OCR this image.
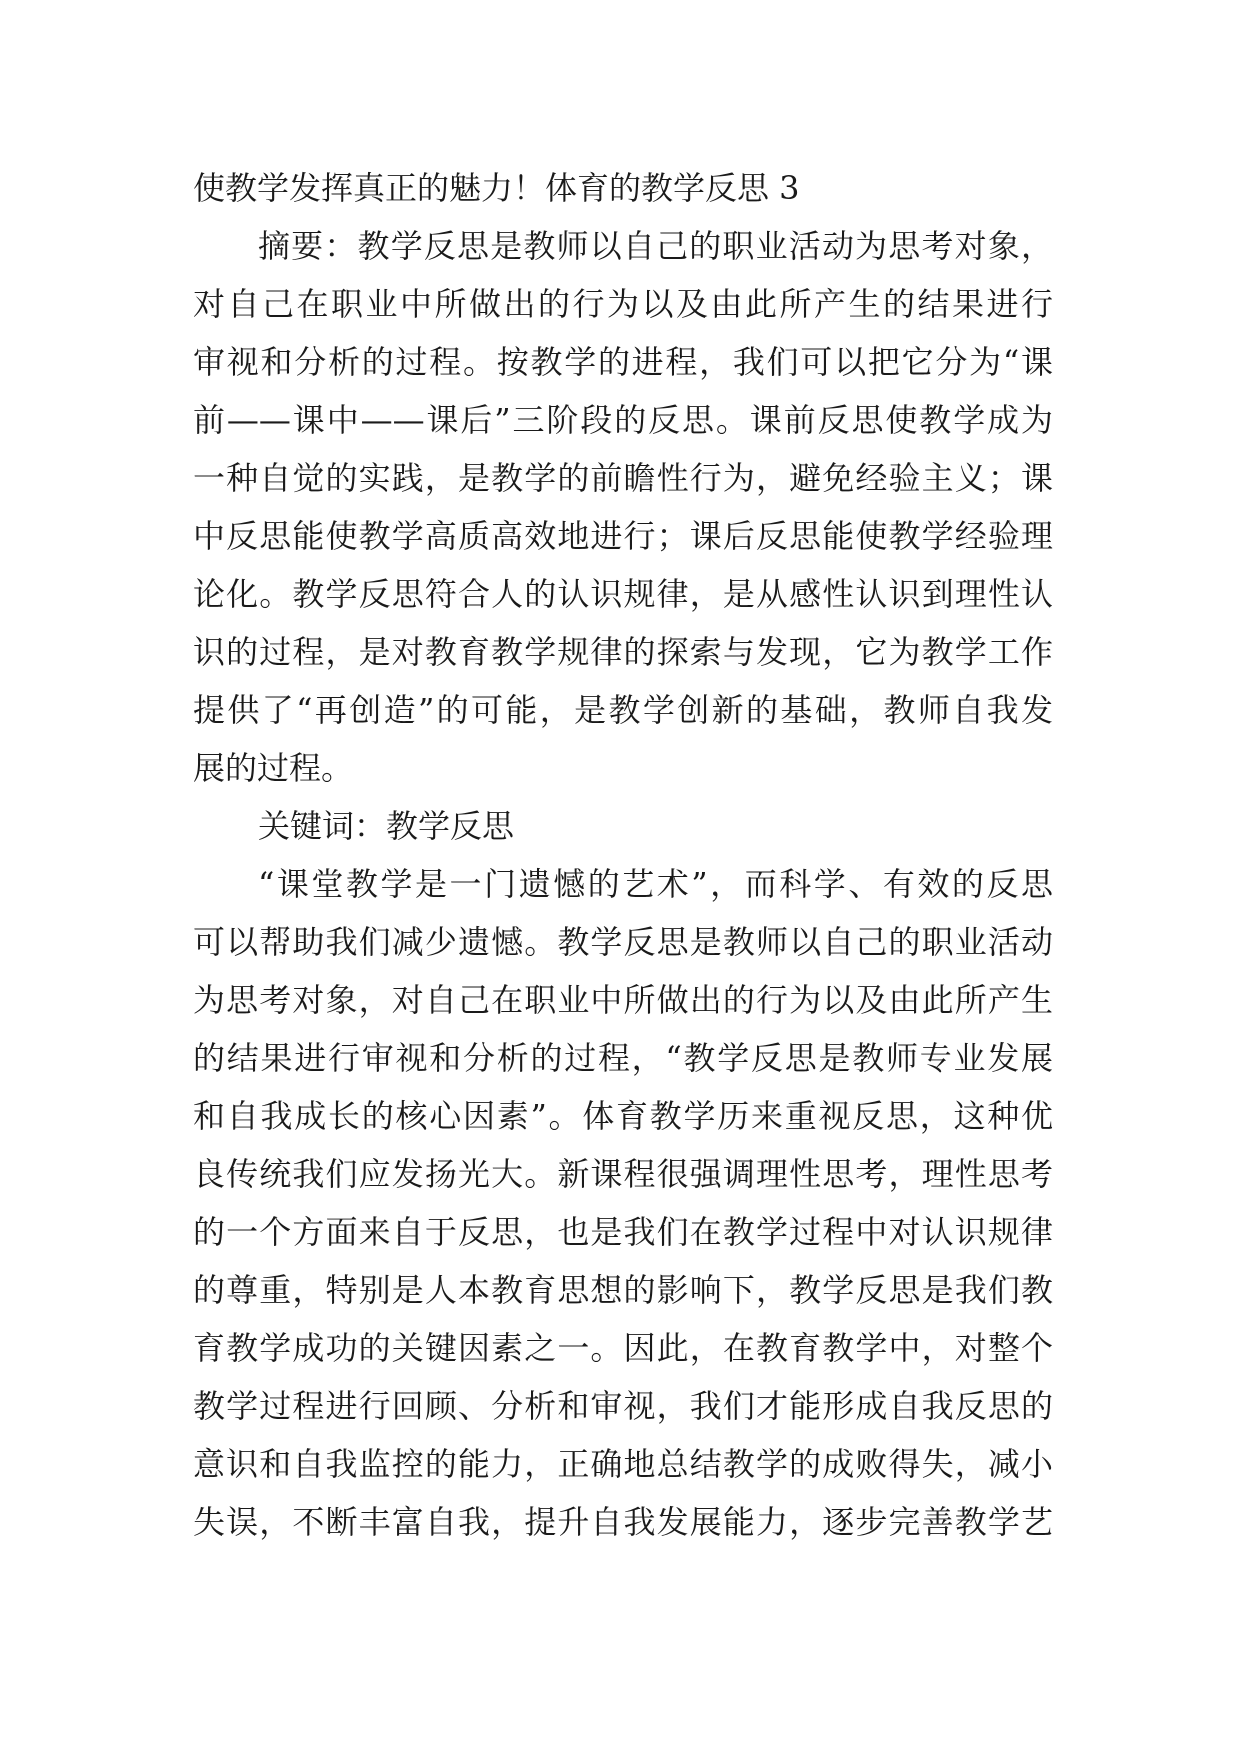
使教学发挥真正的魅力！体育的教学反思 3
摘要：教学反思是教师以自己的职业活动为思考对象，
对自己在职业中所做出的行为以及由此所产生的结果进行
审视和分析的过程。按教学的进程，我们可以把它分为“课
前——课中——课后”三阶段的反思。课前反思使教学成为
一种自觉的实践，是教学的前瞻性行为，避免经验主义；课
中反思能使教学高质高效地进行；课后反思能使教学经验理
论化。教学反思符合人的认识规律，是从感性认识到理性认
识的过程，是对教育教学规律的探索与发现，它为教学工作
提供了“再创造”的可能，是教学创新的基础，教师自我发
展的过程。
关键词：教学反思
“课堂教学是一门遗憾的艺术”，而科学、有效的反思
可以帮助我们减少遗憾。教学反思是教师以自己的职业活动
为思考对象，对自己在职业中所做出的行为以及由此所产生
的结果进行审视和分析的过程，“教学反思是教师专业发展
和自我成长的核心因素”。体育教学历来重视反思，这种优
良传统我们应发扬光大。新课程很强调理性思考，理性思考
的一个方面来自于反思，也是我们在教学过程中对认识规律
的尊重，特别是人本教育思想的影响下，教学反思是我们教
育教学成功的关键因素之一。因此，在教育教学中，对整个
教学过程进行回顾、分析和审视，我们才能形成自我反思的
意识和自我监控的能力，正确地总结教学的成败得失，减小
失误，不断丰富自我，提升自我发展能力，逐步完善教学艺
